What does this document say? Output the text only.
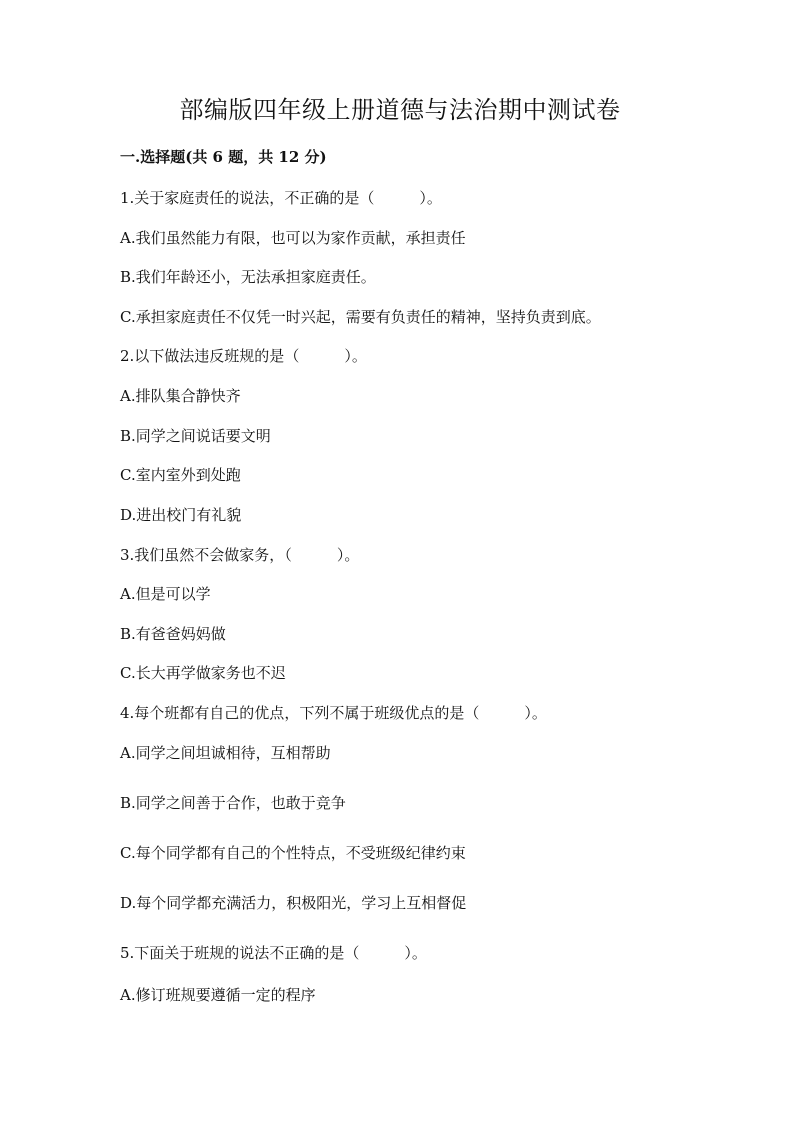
部编版四年级上册道德与法治期中测试卷
一.选择题(共 6 题，共 12 分)
1.关于家庭责任的说法，不正确的是（　　　）。
A.我们虽然能力有限，也可以为家作贡献，承担责任
B.我们年龄还小，无法承担家庭责任。
C.承担家庭责任不仅凭一时兴起，需要有负责任的精神，坚持负责到底。
2.以下做法违反班规的是（　　　）。
A.排队集合静快齐
B.同学之间说话要文明
C.室内室外到处跑
D.进出校门有礼貌
3.我们虽然不会做家务，（　　　）。
A.但是可以学
B.有爸爸妈妈做
C.长大再学做家务也不迟
4.每个班都有自己的优点，下列不属于班级优点的是（　　　）。
A.同学之间坦诚相待，互相帮助
B.同学之间善于合作，也敢于竞争
C.每个同学都有自己的个性特点，不受班级纪律约束
D.每个同学都充满活力，积极阳光，学习上互相督促
5.下面关于班规的说法不正确的是（　　　）。
A.修订班规要遵循一定的程序
